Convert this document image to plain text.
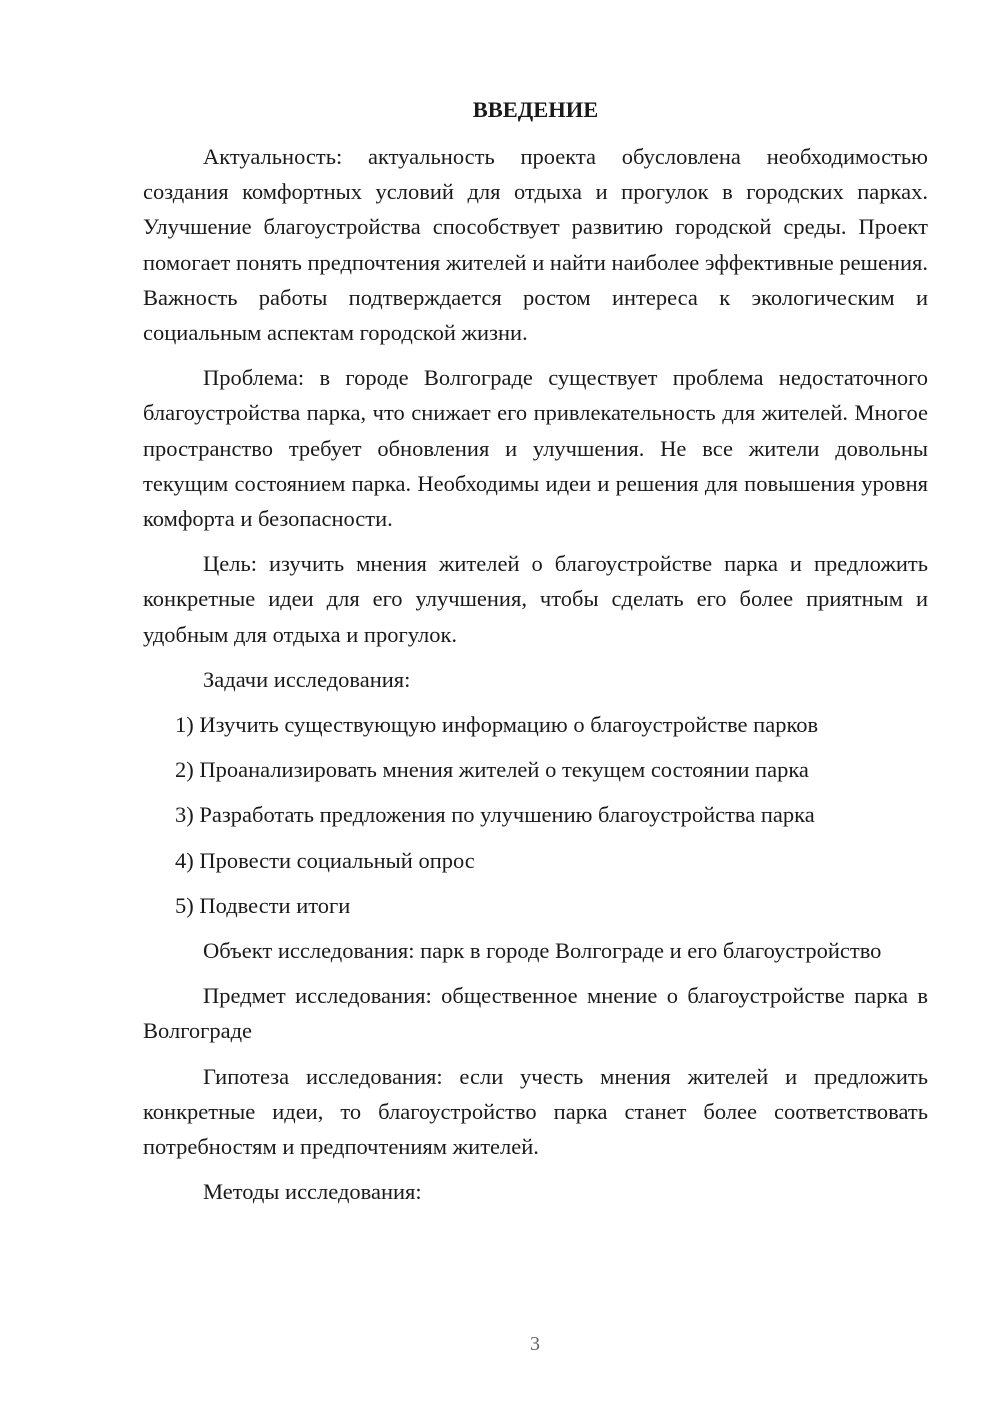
ВВЕДЕНИЕ

Актуальность: актуальность проекта обусловлена необходимостью создания комфортных условий для отдыха и прогулок в городских парках. Улучшение благоустройства способствует развитию городской среды. Проект помогает понять предпочтения жителей и найти наиболее эффективные решения. Важность работы подтверждается ростом интереса к экологическим и социальным аспектам городской жизни.

Проблема: в городе Волгограде существует проблема недостаточного благоустройства парка, что снижает его привлекательность для жителей. Многое пространство требует обновления и улучшения. Не все жители довольны текущим состоянием парка. Необходимы идеи и решения для повышения уровня комфорта и безопасности.

Цель: изучить мнения жителей о благоустройстве парка и предложить конкретные идеи для его улучшения, чтобы сделать его более приятным и удобным для отдыха и прогулок.

Задачи исследования:

1) Изучить существующую информацию о благоустройстве парков
2) Проанализировать мнения жителей о текущем состоянии парка
3) Разработать предложения по улучшению благоустройства парка
4) Провести социальный опрос
5) Подвести итоги

Объект исследования: парк в городе Волгограде и его благоустройство

Предмет исследования: общественное мнение о благоустройстве парка в Волгограде

Гипотеза исследования: если учесть мнения жителей и предложить конкретные идеи, то благоустройство парка станет более соответствовать потребностям и предпочтениям жителей.

Методы исследования:

3
